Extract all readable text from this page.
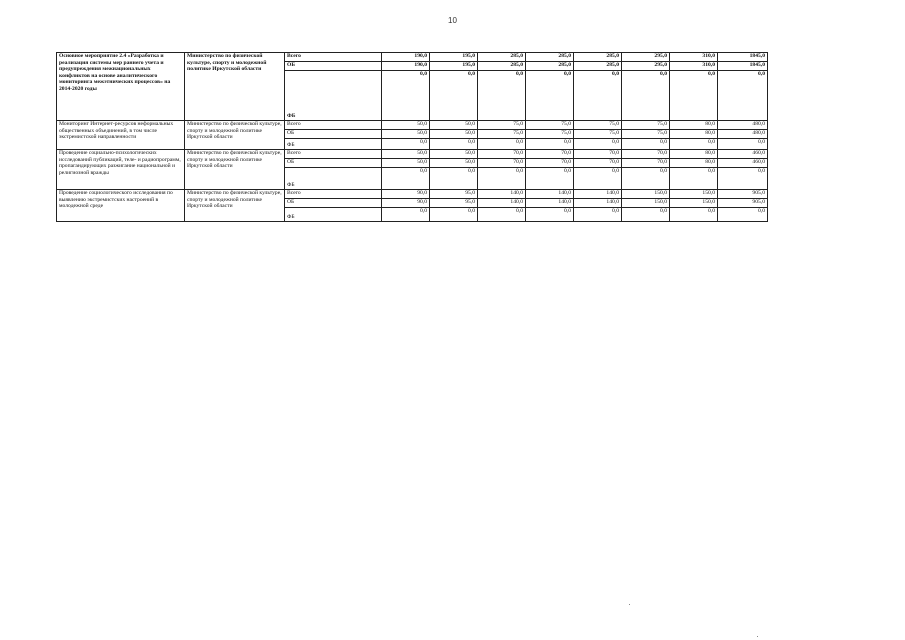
10
Основное мероприятие 2.4 «Разработка и реализация системы мер раннего учета и предупреждения межнациональных конфликтов на основе аналитического мониторинга межэтнических процессов» на 2014-2020 годы	Министерство по физической культуре, спорту и молодежной политике Иркутской области	Всего	190,0	195,0	285,0	285,0	285,0	295,0	310,0	1845,0
		ОБ	190,0	195,0	285,0	285,0	285,0	295,0	310,0	1845,0
		ФБ	0,0	0,0	0,0	0,0	0,0	0,0	0,0	0,0
Мониторинг Интернет-ресурсов неформальных общественных объединений, в том числе экстремистской направленности	Министерство по физической культуре, спорту и молодежной политике Иркутской области	Всего	50,0	50,0	75,0	75,0	75,0	75,0	80,0	480,0
		ОБ	50,0	50,0	75,0	75,0	75,0	75,0	80,0	480,0
		ФБ	0,0	0,0	0,0	0,0	0,0	0,0	0,0	0,0
Проведение социально-психологических исследований публикаций, теле- и радиопрограмм, пропагандирующих разжигание национальной и религиозной вражды	Министерство по физической культуре, спорту и молодежной политике Иркутской области	Всего	50,0	50,0	70,0	70,0	70,0	70,0	80,0	460,0
		ОБ	50,0	50,0	70,0	70,0	70,0	70,0	80,0	460,0
		ФБ	0,0	0,0	0,0	0,0	0,0	0,0	0,0	0,0
Проведение социологического исследования по выявлению экстремистских настроений в молодежной среде	Министерство по физической культуре, спорту и молодежной политике Иркутской области	Всего	90,0	95,0	140,0	140,0	140,0	150,0	150,0	905,0
		ОБ	90,0	95,0	140,0	140,0	140,0	150,0	150,0	905,0
		ФБ	0,0	0,0	0,0	0,0	0,0	0,0	0,0	0,0
